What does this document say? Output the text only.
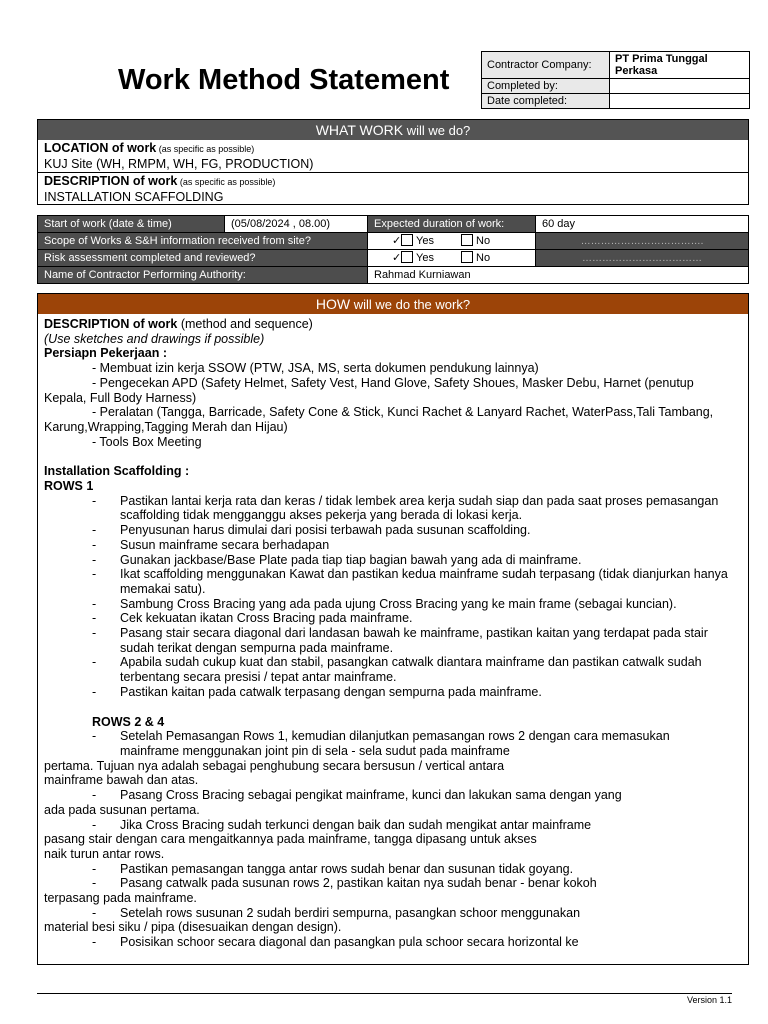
Work Method Statement	Contractor Company:	PT Prima Tunggal Perkasa
Completed by:	
Date completed:	
WHAT WORK will we do?
LOCATION of work (as specific as possible)
KUJ Site (WH, RMPM, WH, FG, PRODUCTION)
DESCRIPTION of work (as specific as possible)
INSTALLATION SCAFFOLDING
Start of work (date & time)	(05/08/2024 , 08.00)	Expected duration of work:	60 day
Scope of Works & S&H information received from site?		✓ Yes No	……………………………….
Risk assessment completed and reviewed?		✓ Yes No	………………………………
Name of Contractor Performing Authority:		Rahmad Kurniawan	
HOW will we do the work?

DESCRIPTION of work (method and sequence)

(Use sketches and drawings if possible)

Persiapn Pekerjaan :

- Membuat izin kerja SSOW (PTW, JSA, MS, serta dokumen pendukung lainnya)

- Pengecekan APD (Safety Helmet, Safety Vest, Hand Glove, Safety Shoues, Masker Debu, Harnet (penutup

Kepala, Full Body Harness)

- Peralatan (Tangga, Barricade, Safety Cone & Stick, Kunci Rachet & Lanyard Rachet, WaterPass,Tali Tambang,

Karung,Wrapping,Tagging Merah dan Hijau)

- Tools Box Meeting

Installation Scaffolding :

ROWS 1

-	Pastikan lantai kerja rata dan keras / tidak lembek area kerja sudah siap dan pada saat proses pemasangan scaffolding tidak mengganggu akses pekerja yang berada di lokasi kerja.
-	Penyusunan harus dimulai dari posisi terbawah pada susunan scaffolding.
-	Susun mainframe secara berhadapan
-	Gunakan jackbase/Base Plate pada tiap tiap bagian bawah yang ada di mainframe.
-	Ikat scaffolding menggunakan Kawat dan pastikan kedua mainframe sudah terpasang (tidak dianjurkan hanya memakai satu).
-	Sambung Cross Bracing yang ada pada ujung Cross Bracing yang ke main frame (sebagai kuncian).
-	Cek kekuatan ikatan Cross Bracing pada mainframe.
-	Pasang stair secara diagonal dari landasan bawah ke mainframe, pastikan kaitan yang terdapat pada stair sudah terikat dengan sempurna pada mainframe.
-	Apabila sudah cukup kuat dan stabil, pasangkan catwalk diantara mainframe dan pastikan catwalk sudah terbentang secara presisi / tepat antar mainframe.
-	Pastikan kaitan pada catwalk terpasang dengan sempurna pada mainframe.

ROWS 2 & 4

-	Setelah Pemasangan Rows 1, kemudian dilanjutkan pemasangan rows 2 dengan cara memasukan

mainframe menggunakan joint pin di sela - sela sudut pada mainframe

pertama. Tujuan nya adalah sebagai penghubung secara bersusun / vertical antara

mainframe bawah dan atas.

-	Pasang Cross Bracing sebagai pengikat mainframe, kunci dan lakukan sama dengan yang

ada pada susunan pertama.

-	Jika Cross Bracing sudah terkunci dengan baik dan sudah mengikat antar mainframe

pasang stair dengan cara mengaitkannya pada mainframe, tangga dipasang untuk akses

naik turun antar rows.

-	Pastikan pemasangan tangga antar rows sudah benar dan susunan tidak goyang.
-	Pasang catwalk pada susunan rows 2, pastikan kaitan nya sudah benar - benar kokoh

terpasang pada mainframe.

-	Setelah rows susunan 2 sudah berdiri sempurna, pasangkan schoor menggunakan

material besi siku / pipa (disesuaikan dengan design).

-	Posisikan schoor secara diagonal dan pasangkan pula schoor secara horizontal ke
Version 1.1
